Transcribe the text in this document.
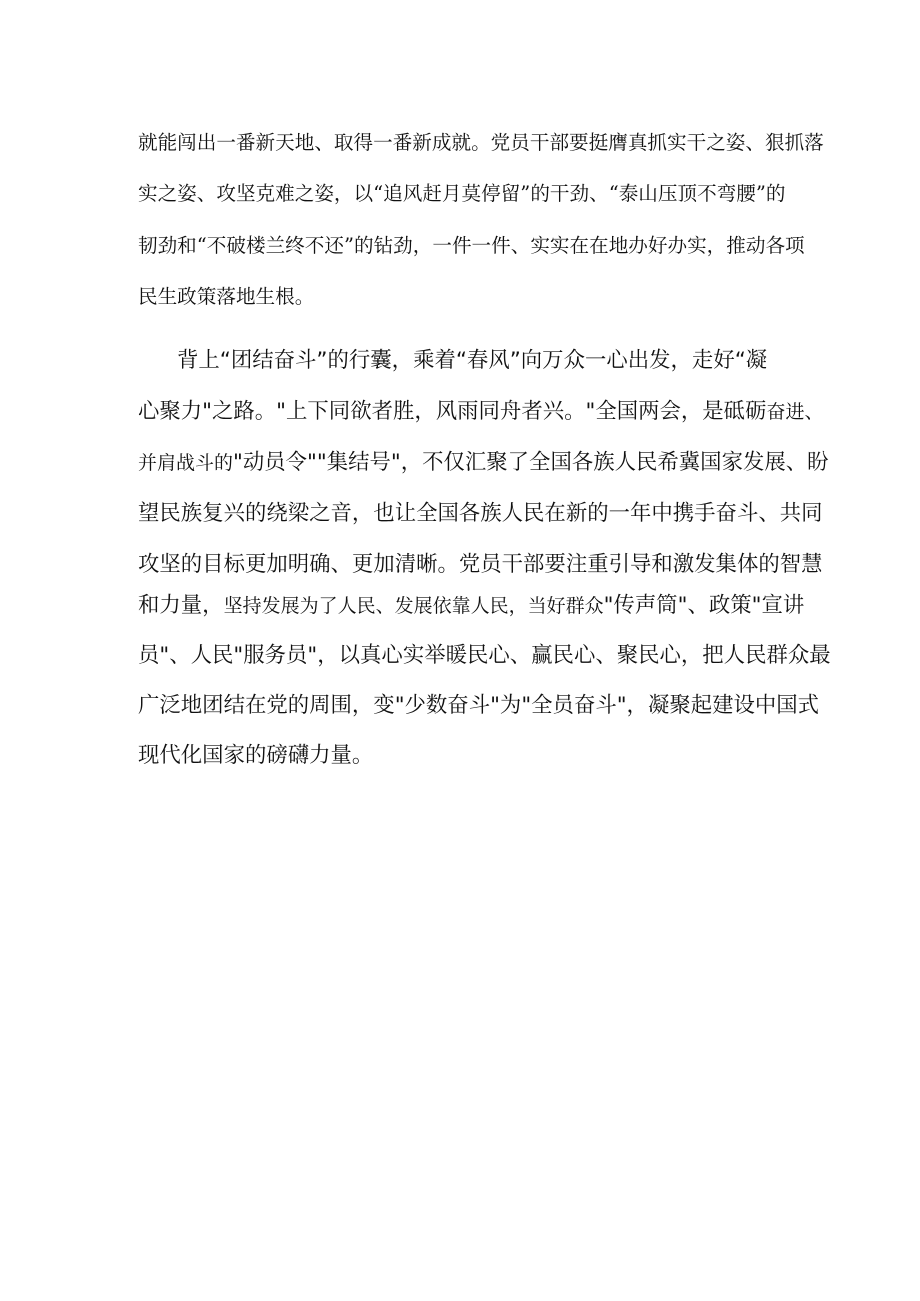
就能闯出一番新天地、取得一番新成就。党员干部要挺膺真抓实干之姿、狠抓落

实之姿、攻坚克难之姿，以“追风赶月莫停留”的干劲、“泰山压顶不弯腰”的

韧劲和“不破楼兰终不还”的钻劲，一件一件、实实在在地办好办实，推动各项

民生政策落地生根。

背上“团结奋斗”的行囊，乘着“春风”向万众一心出发，走好“凝

心聚力"之路。"上下同欲者胜，风雨同舟者兴。"全国两会，是砥砺奋进、

并肩战斗的"动员令""集结号"，不仅汇聚了全国各族人民希冀国家发展、盼

望民族复兴的绕梁之音，也让全国各族人民在新的一年中携手奋斗、共同

攻坚的目标更加明确、更加清晰。党员干部要注重引导和激发集体的智慧

和力量，坚持发展为了人民、发展依靠人民，当好群众"传声筒"、政策"宣讲

员"、人民"服务员"，以真心实举暖民心、赢民心、聚民心，把人民群众最

广泛地团结在党的周围，变"少数奋斗"为"全员奋斗"，凝聚起建设中国式

现代化国家的磅礴力量。
